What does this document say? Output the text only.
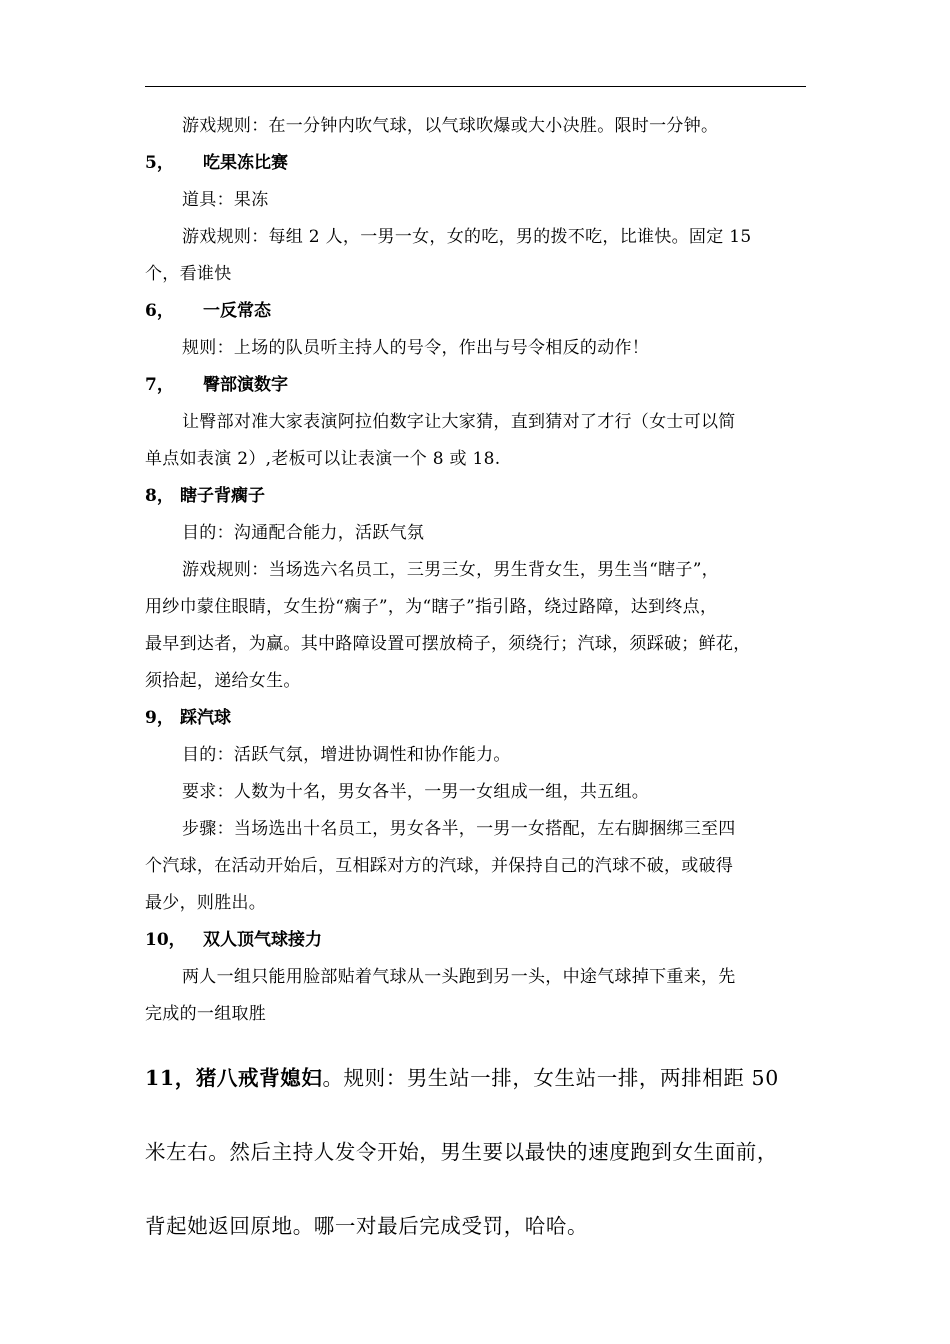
游戏规则：在一分钟内吹气球，以气球吹爆或大小决胜。限时一分钟。

5， 吃果冻比赛

道具：果冻

游戏规则：每组 2 人，一男一女，女的吃，男的拨不吃，比谁快。固定 15

个，看谁快

6， 一反常态

规则：上场的队员听主持人的号令，作出与号令相反的动作！

7， 臀部演数字

让臀部对准大家表演阿拉伯数字让大家猜，直到猜对了才行（女士可以简

单点如表演 2）,老板可以让表演一个 8 或 18.

8， 瞎子背瘸子

目的：沟通配合能力，活跃气氛

游戏规则：当场选六名员工，三男三女，男生背女生，男生当“瞎子”，

用纱巾蒙住眼睛，女生扮“瘸子”，为“瞎子”指引路，绕过路障，达到终点，

最早到达者，为赢。其中路障设置可摆放椅子，须绕行；汽球，须踩破；鲜花，

须拾起，递给女生。

9， 踩汽球

目的：活跃气氛，增进协调性和协作能力。

要求：人数为十名，男女各半，一男一女组成一组，共五组。

步骤：当场选出十名员工，男女各半，一男一女搭配，左右脚捆绑三至四

个汽球，在活动开始后，互相踩对方的汽球，并保持自己的汽球不破，或破得

最少，则胜出。

10， 双人顶气球接力

两人一组只能用脸部贴着气球从一头跑到另一头，中途气球掉下重来，先

完成的一组取胜

11，猪八戒背媳妇。规则：男生站一排，女生站一排，两排相距 50

米左右。然后主持人发令开始，男生要以最快的速度跑到女生面前，

背起她返回原地。哪一对最后完成受罚，哈哈。
